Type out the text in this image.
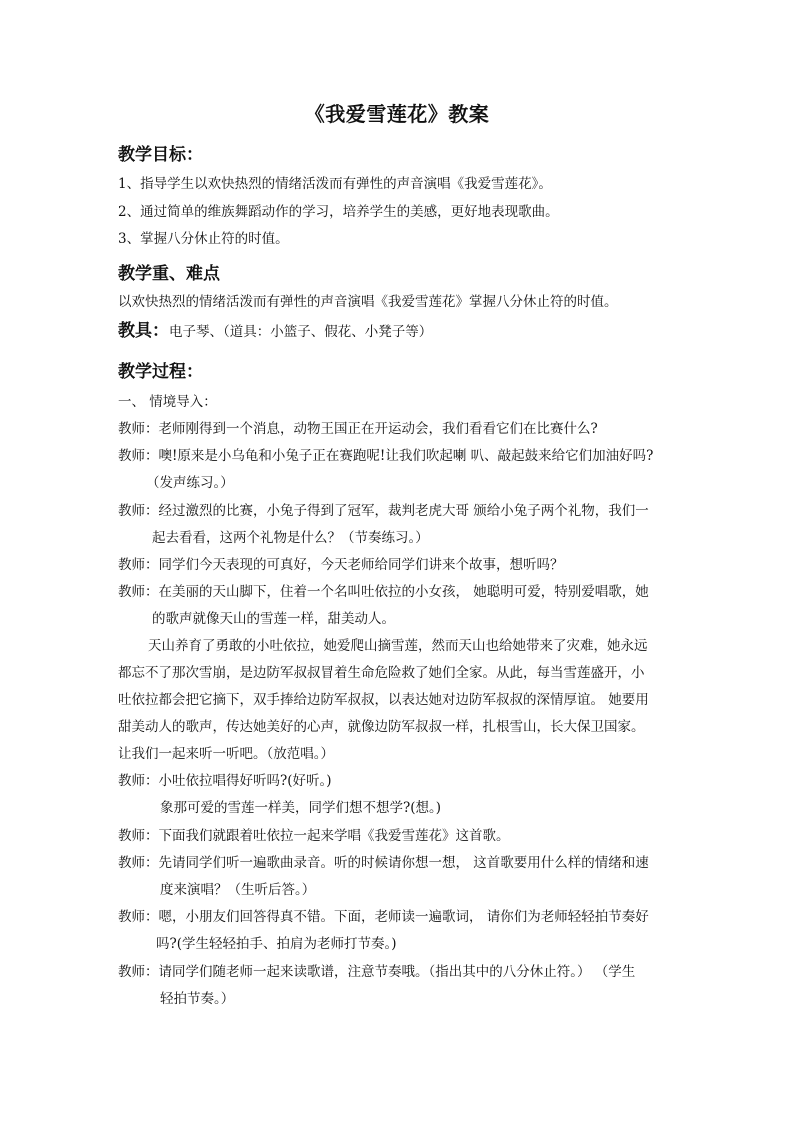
《我爱雪莲花》教案
教学目标：
1、指导学生以欢快热烈的情绪活泼而有弹性的声音演唱《我爱雪莲花》。
2、通过简单的维族舞蹈动作的学习，培养学生的美感，更好地表现歌曲。
3、掌握八分休止符的时值。
教学重、难点
以欢快热烈的情绪活泼而有弹性的声音演唱《我爱雪莲花》掌握八分休止符的时值。
教具：电子琴、（道具：小篮子、假花、小凳子等）
教学过程：
一、 情境导入：
教师：老师刚得到一个消息，动物王国正在开运动会，我们看看它们在比赛什么?
教师：噢!原来是小乌龟和小兔子正在赛跑呢!让我们吹起喇 叭、敲起鼓来给它们加油好吗?
（发声练习。）
教师：经过激烈的比赛，小兔子得到了冠军，裁判老虎大哥 颁给小兔子两个礼物，我们一
起去看看，这两个礼物是什么？（节奏练习。）
教师：同学们今天表现的可真好，今天老师给同学们讲来个故事，想听吗？
教师：在美丽的天山脚下，住着一个名叫吐依拉的小女孩， 她聪明可爱，特别爱唱歌，她
的歌声就像天山的雪莲一样，甜美动人。
天山养育了勇敢的小吐依拉，她爱爬山摘雪莲，然而天山也给她带来了灾难，她永远
都忘不了那次雪崩，是边防军叔叔冒着生命危险救了她们全家。从此，每当雪莲盛开，小
吐依拉都会把它摘下，双手捧给边防军叔叔，以表达她对边防军叔叔的深情厚谊。 她要用
甜美动人的歌声，传达她美好的心声，就像边防军叔叔一样，扎根雪山，长大保卫国家。
让我们一起来听一听吧。（放范唱。）
教师：小吐依拉唱得好听吗?(好听。)
象那可爱的雪莲一样美，同学们想不想学?(想。)
教师：下面我们就跟着吐依拉一起来学唱《我爱雪莲花》这首歌。
教师：先请同学们听一遍歌曲录音。听的时候请你想一想， 这首歌要用什么样的情绪和速
度来演唱？（生听后答。）
教师：嗯，小朋友们回答得真不错。下面，老师读一遍歌词， 请你们为老师轻轻拍节奏好
吗?(学生轻轻拍手、拍肩为老师打节奏。)
教师：请同学们随老师一起来读歌谱，注意节奏哦。（指出其中的八分休止符。） （学生
轻拍节奏。）
